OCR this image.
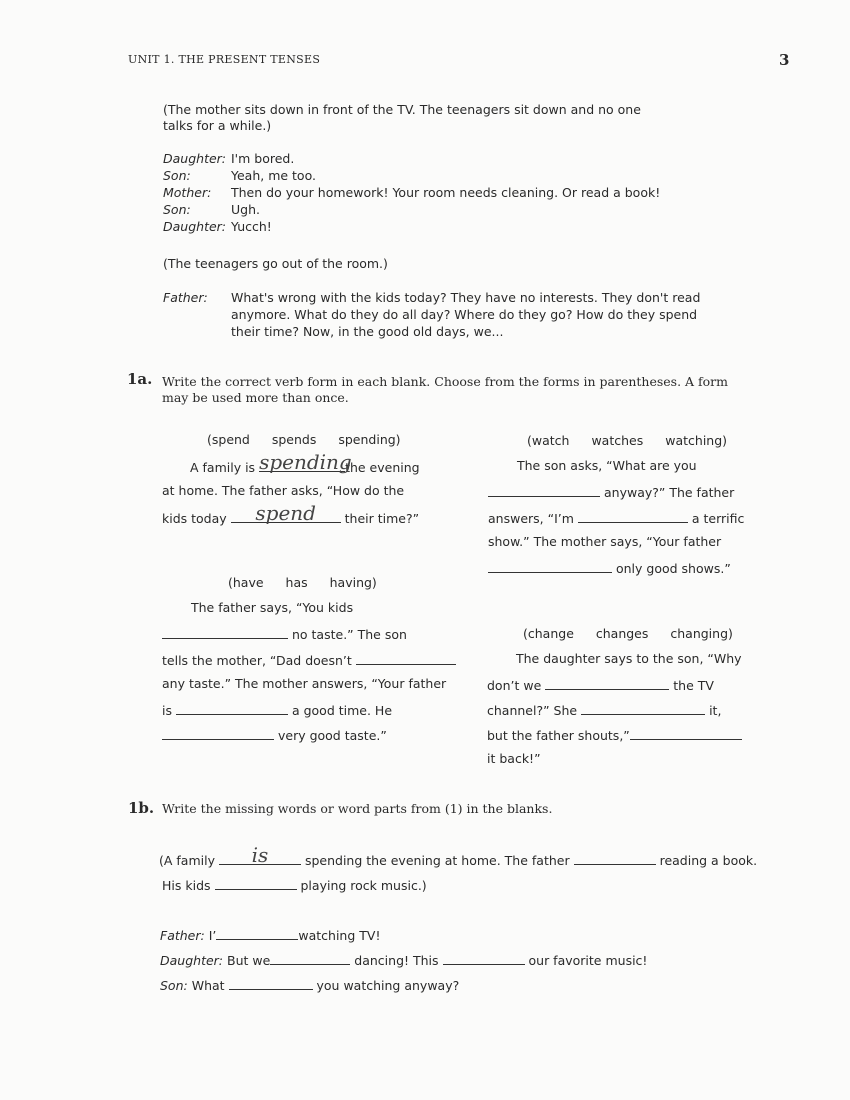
UNIT 1. THE PRESENT TENSES	3
(The mother sits down in front of the TV. The teenagers sit down and no one
talks for a while.)
Daughter: I'm bored.
Son:	Yeah, me too.
Mother: Then do your homework! Your room needs cleaning. Or read a book!
Son:	Ugh.
Daughter: Yucch!
(The teenagers go out of the room.)
Father: What's wrong with the kids today? They have no interests. They don't read
anymore. What do they do all day? Where do they go? How do they spend
their time? Now, in the good old days, we...
1a. Write the correct verb form in each blank. Choose from the forms in parentheses. A form
may be used more than once.
(spend spends spending)
A family is spending
the evening
at home. The father asks, “How do the
kids today	spend	their time?”
(have has having)
The father says, “You kids
no taste.” The son
tells the mother, “Dad doesn’t
any taste.” The mother answers, “Your father
is	a good time. He
very good taste.”
(watch watches watching)
The son asks, “What are you
anyway?” The father
answers, “I’m	a terrific
show.” The mother says, “Your father
only good shows.”
(change changes changing)
The daughter says to the son, “Why
don’t we	the TV
channel?” She	it,
but the father shouts,”
it back!”
1b. Write the missing words or word parts from (1) in the blanks.
(A family	is	spending the evening at home. The father	reading a book.
His kids	playing rock music.)
Father: I’	watching TV!
Daughter: But we	dancing! This	our favorite music!
Son: What	you watching anyway?
